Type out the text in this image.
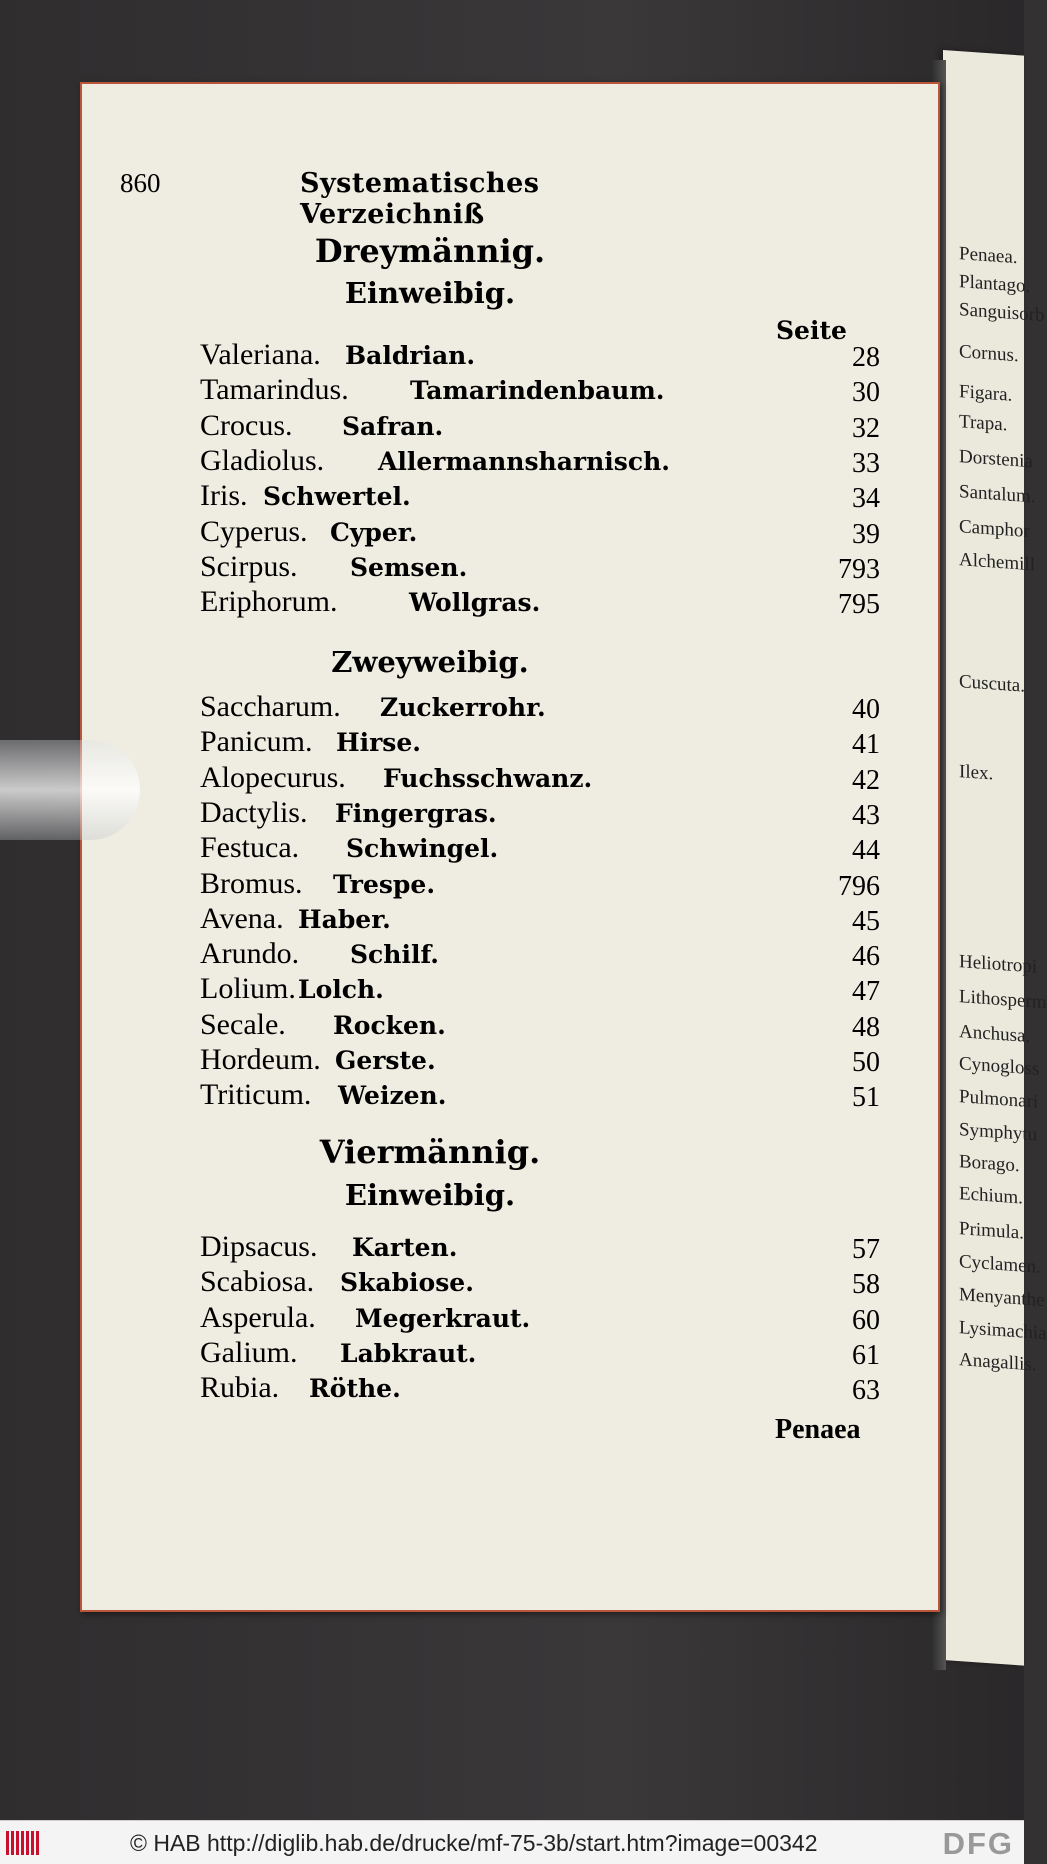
Penaea.
Plantago.
Sanguisorb
Cornus.
Figara.
Trapa.
Dorstenia
Santalum.
Camphor
Alchemill
Cuscuta.
Ilex.
Heliotropi
Lithosperm
Anchusa.
Cynogloss
Pulmonari
Symphytu
Borago.
Echium.
Primula.
Cyclamen.
Menyanthe
Lysimachia
Anagallis.
860	Systematisches Verzeichniß
Seite
Dreymännig.
Einweibig.
Valeriana. Baldrian.	28
Tamarindus. Tamarindenbaum.	30
Crocus. Safran.	32
Gladiolus. Allermannsharnisch.	33
Iris. Schwertel.	34
Cyperus. Cyper.	39
Scirpus. Semsen.	793
Eriphorum.	Wollgras.	795
Zweyweibig.
Saccharum. Zuckerrohr.	40
Panicum. Hirse.	41
Alopecurus. Fuchsschwanz.	42
Dactylis. Fingergras.	43
Festuca. Schwingel.	44
Bromus. Trespe.	796
Avena. Haber.	45
Arundo. Schilf.	46
Lolium. Lolch.	47
Secale. Rocken.	48
Hordeum. Gerste.	50
Triticum. Weizen.	51
Viermännig.
Einweibig.
Dipsacus. Karten.	57
Scabiosa. Skabiose.	58
Asperula. Megerkraut.	60
Galium. Labkraut.	61
Rubia. Röthe.	63
Penaea
© HAB http://diglib.hab.de/drucke/mf-75-3b/start.htm?image=00342	DFG
